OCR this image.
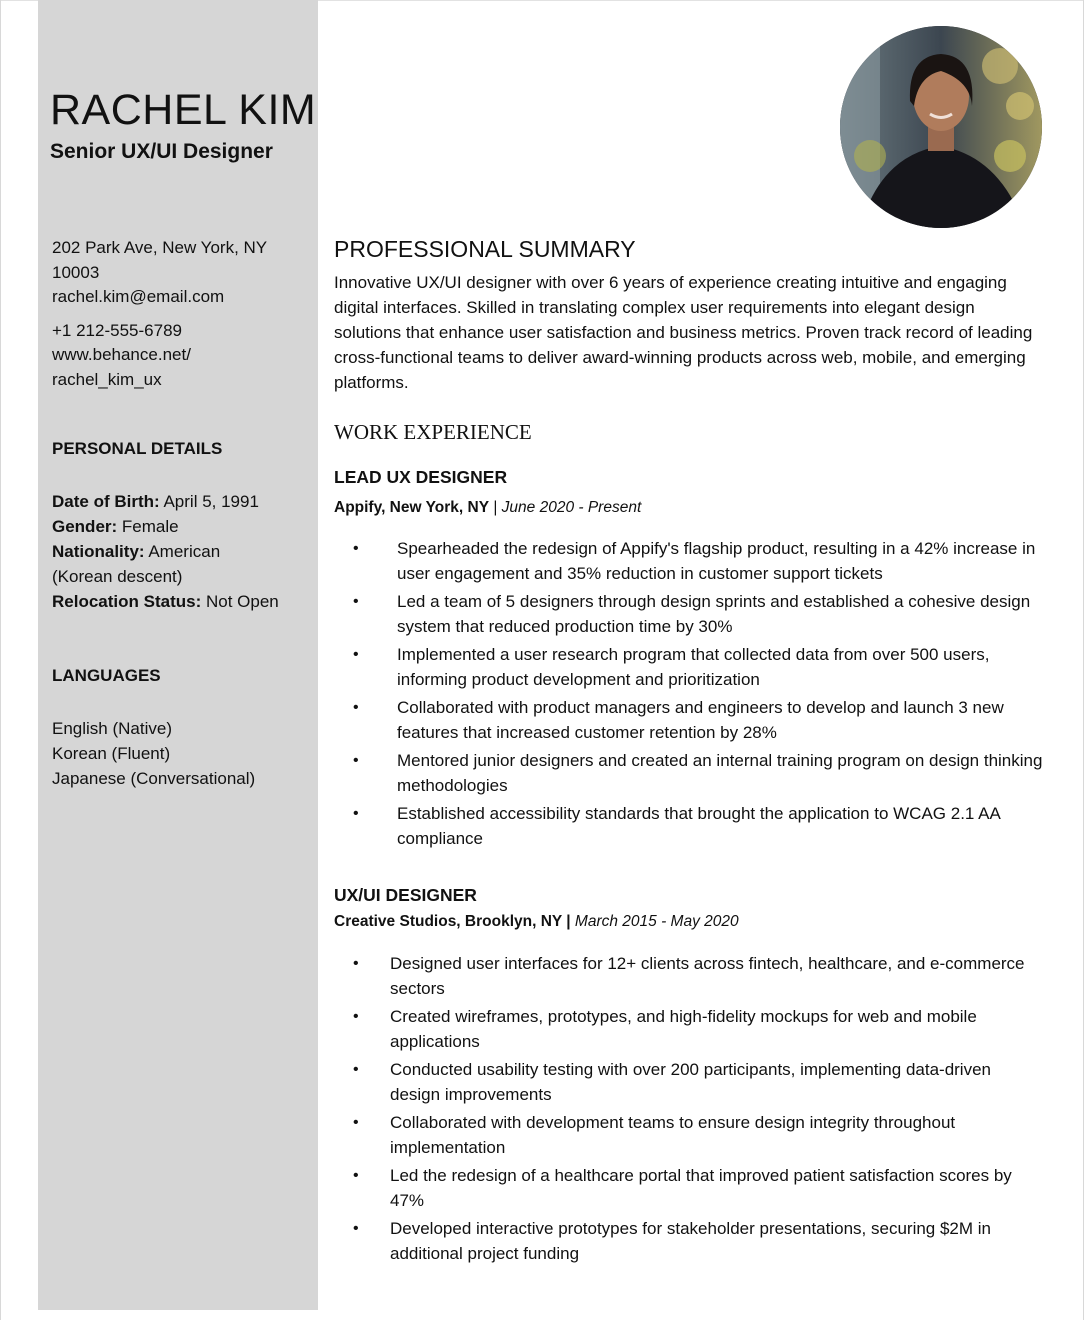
RACHEL KIM
Senior UX/UI Designer
202 Park Ave, New York, NY
10003
rachel.kim@email.com
+1 212-555-6789
www.behance.net/
rachel_kim_ux
PERSONAL DETAILS
Date of Birth: April 5, 1991
Gender: Female
Nationality: American
(Korean descent)
Relocation Status: Not Open
LANGUAGES
English (Native)
Korean (Fluent)
Japanese (Conversational)
PROFESSIONAL SUMMARY
Innovative UX/UI designer with over 6 years of experience creating intuitive and engaging digital interfaces. Skilled in translating complex user requirements into elegant design solutions that enhance user satisfaction and business metrics. Proven track record of leading cross-functional teams to deliver award-winning products across web, mobile, and emerging platforms.
WORK EXPERIENCE
LEAD UX DESIGNER
Appify, New York, NY | June 2020 - Present
• Spearheaded the redesign of Appify's flagship product, resulting in a 42% increase in user engagement and 35% reduction in customer support tickets
• Led a team of 5 designers through design sprints and established a cohesive design system that reduced production time by 30%
• Implemented a user research program that collected data from over 500 users, informing product development and prioritization
• Collaborated with product managers and engineers to develop and launch 3 new features that increased customer retention by 28%
• Mentored junior designers and created an internal training program on design thinking methodologies
• Established accessibility standards that brought the application to WCAG 2.1 AA compliance
UX/UI DESIGNER
Creative Studios, Brooklyn, NY | March 2015 - May 2020
• Designed user interfaces for 12+ clients across fintech, healthcare, and e-commerce sectors
• Created wireframes, prototypes, and high-fidelity mockups for web and mobile applications
• Conducted usability testing with over 200 participants, implementing data-driven design improvements
• Collaborated with development teams to ensure design integrity throughout implementation
• Led the redesign of a healthcare portal that improved patient satisfaction scores by 47%
• Developed interactive prototypes for stakeholder presentations, securing $2M in additional project funding
